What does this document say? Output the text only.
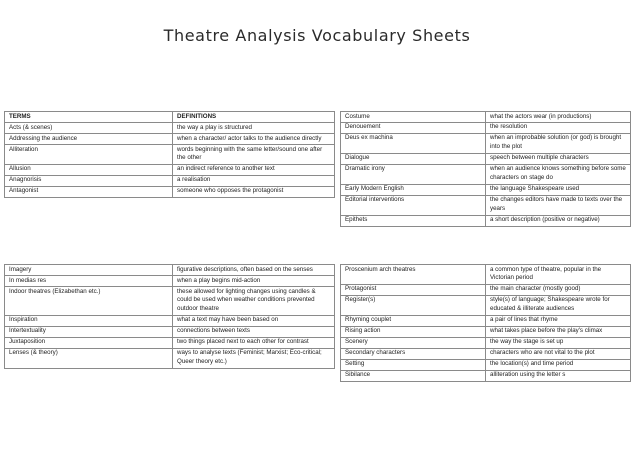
Theatre Analysis Vocabulary Sheets
TERMS	DEFINITIONS
Acts (& scenes)	the way a play is structured
Addressing the audience	when a character/ actor talks to the audience directly
Alliteration	words beginning with the same letter/sound one after the other
Allusion	an indirect reference to another text
Anagnorisis	a realisation
Antagonist	someone who opposes the protagonist
Imagery	figurative descriptions, often based on the senses
In medias res	when a play begins mid-action
Indoor theatres (Elizabethan etc.)	these allowed for lighting changes using candles & could be used when weather conditions prevented outdoor theatre
Inspiration	what a text may have been based on
Intertextuality	connections between texts
Juxtaposition	two things placed next to each other for contrast
Lenses (& theory)	ways to analyse texts (Feminist; Marxist; Eco-critical; Queer theory etc.)
Costume	what the actors wear (in productions)
Denouement	the resolution
Deus ex machina	when an improbable solution (or god) is brought into the plot
Dialogue	speech between multiple characters
Dramatic irony	when an audience knows something before some characters on stage do
Early Modern English	the language Shakespeare used
Editorial interventions	the changes editors have made to texts over the years
Epithets	a short description (positive or negative)
Proscenium arch theatres	a common type of theatre, popular in the Victorian period
Protagonist	the main character (mostly good)
Register(s)	style(s) of language; Shakespeare wrote for educated & illiterate audiences
Rhyming couplet	a pair of lines that rhyme
Rising action	what takes place before the play's climax
Scenery	the way the stage is set up
Secondary characters	characters who are not vital to the plot
Setting	the location(s) and time period
Sibilance	alliteration using the letter s
